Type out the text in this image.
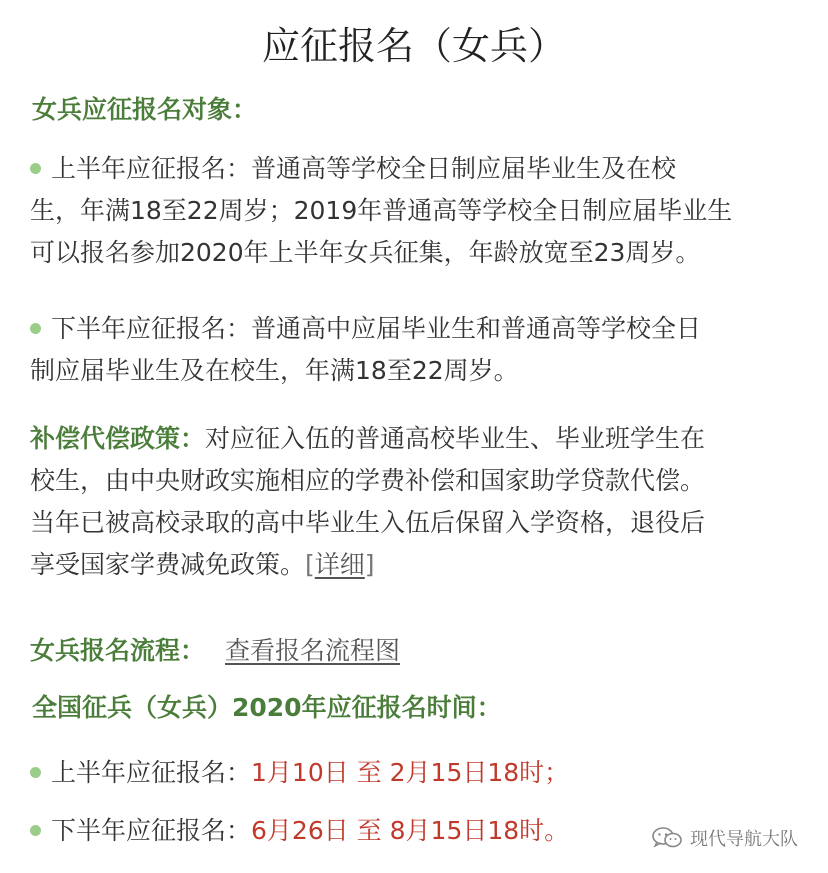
应征报名（女兵）
女兵应征报名对象：
上半年应征报名：普通高等学校全日制应届毕业生及在校
生，年满18至22周岁；2019年普通高等学校全日制应届毕业生
可以报名参加2020年上半年女兵征集，年龄放宽至23周岁。
下半年应征报名：普通高中应届毕业生和普通高等学校全日
制应届毕业生及在校生，年满18至22周岁。
补偿代偿政策：对应征入伍的普通高校毕业生、毕业班学生在
校生，由中央财政实施相应的学费补偿和国家助学贷款代偿。
当年已被高校录取的高中毕业生入伍后保留入学资格，退役后
享受国家学费减免政策。[详细]
女兵报名流程： 查看报名流程图
全国征兵（女兵）2020年应征报名时间：
上半年应征报名：1月10日 至 2月15日18时；
下半年应征报名：6月26日 至 8月15日18时。	现代导航大队
